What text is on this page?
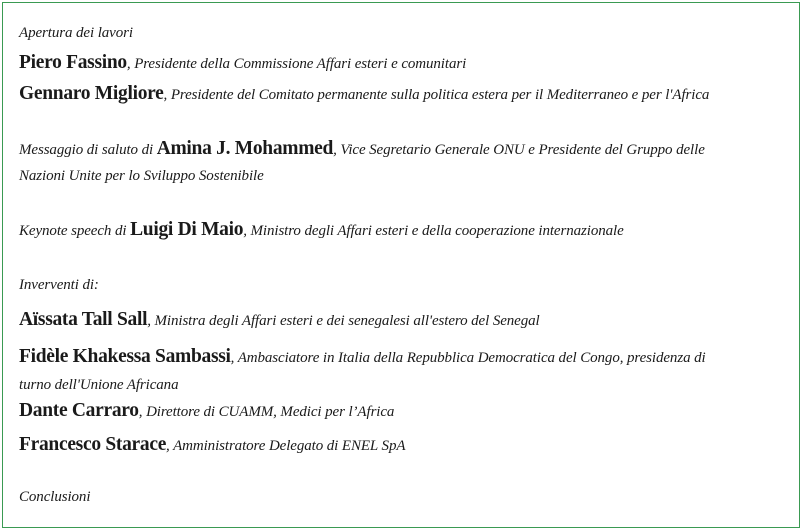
Apertura dei lavori
Piero Fassino, Presidente della Commissione Affari esteri e comunitari
Gennaro Migliore, Presidente del Comitato permanente sulla politica estera per il Mediterraneo e per l'Africa
Messaggio di saluto di Amina J. Mohammed, Vice Segretario Generale ONU e Presidente del Gruppo delle
Nazioni Unite per lo Sviluppo Sostenibile
Keynote speech di Luigi Di Maio, Ministro degli Affari esteri e della cooperazione internazionale
Inverventi di:
Aïssata Tall Sall, Ministra degli Affari esteri e dei senegalesi all'estero del Senegal
Fidèle Khakessa Sambassi, Ambasciatore in Italia della Repubblica Democratica del Congo, presidenza di
turno dell'Unione Africana
Dante Carraro, Direttore di CUAMM, Medici per l’Africa
Francesco Starace, Amministratore Delegato di ENEL SpA
Conclusioni
